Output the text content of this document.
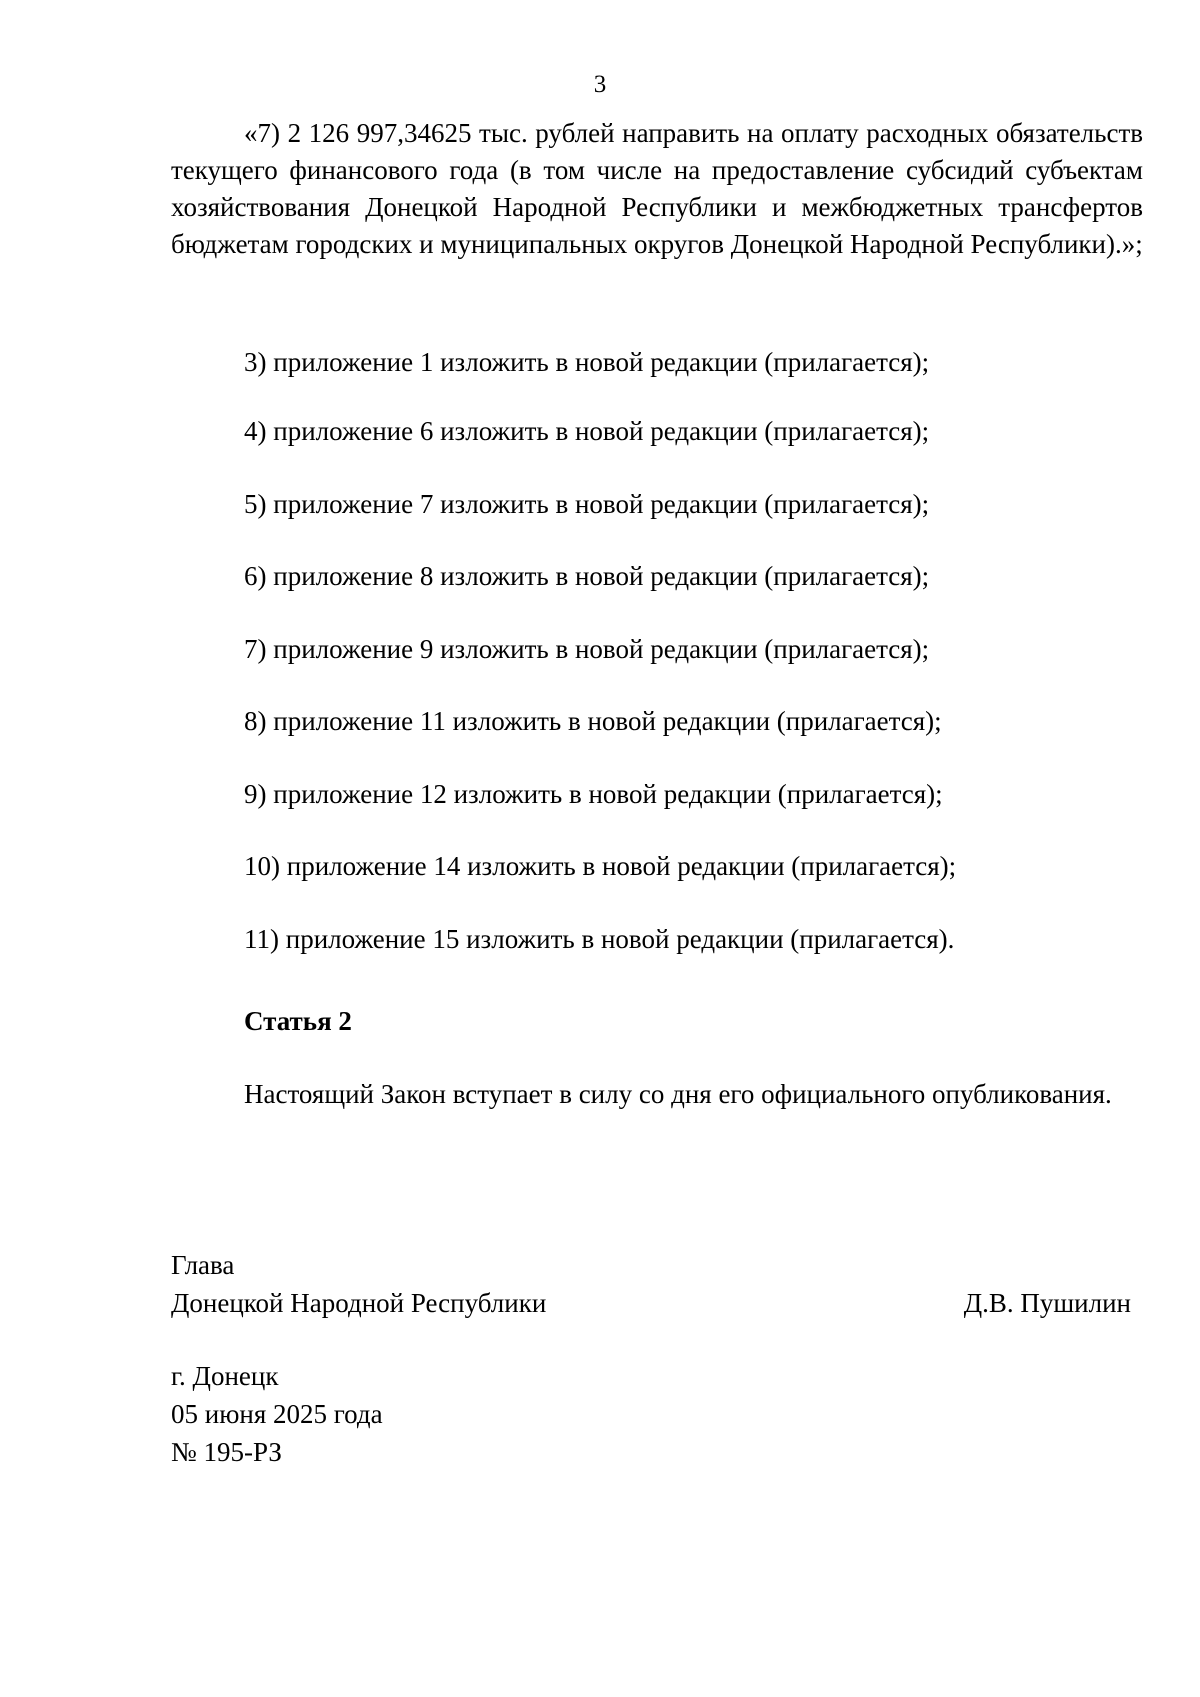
3

«7) 2 126 997,34625 тыс. рублей направить на оплату расходных обязательств текущего финансового года (в том числе на предоставление субсидий субъектам хозяйствования Донецкой Народной Республики и межбюджетных трансфертов бюджетам городских и муниципальных округов Донецкой Народной Республики).»;

3) приложение 1 изложить в новой редакции (прилагается);

4) приложение 6 изложить в новой редакции (прилагается);

5) приложение 7 изложить в новой редакции (прилагается);

6) приложение 8 изложить в новой редакции (прилагается);

7) приложение 9 изложить в новой редакции (прилагается);

8) приложение 11 изложить в новой редакции (прилагается);

9) приложение 12 изложить в новой редакции (прилагается);

10) приложение 14 изложить в новой редакции (прилагается);

11) приложение 15 изложить в новой редакции (прилагается).

Статья 2

Настоящий Закон вступает в силу со дня его официального опубликования.

Глава

Донецкой Народной Республики	Д.В. Пушилин

г. Донецк

05 июня 2025 года

№ 195-РЗ
